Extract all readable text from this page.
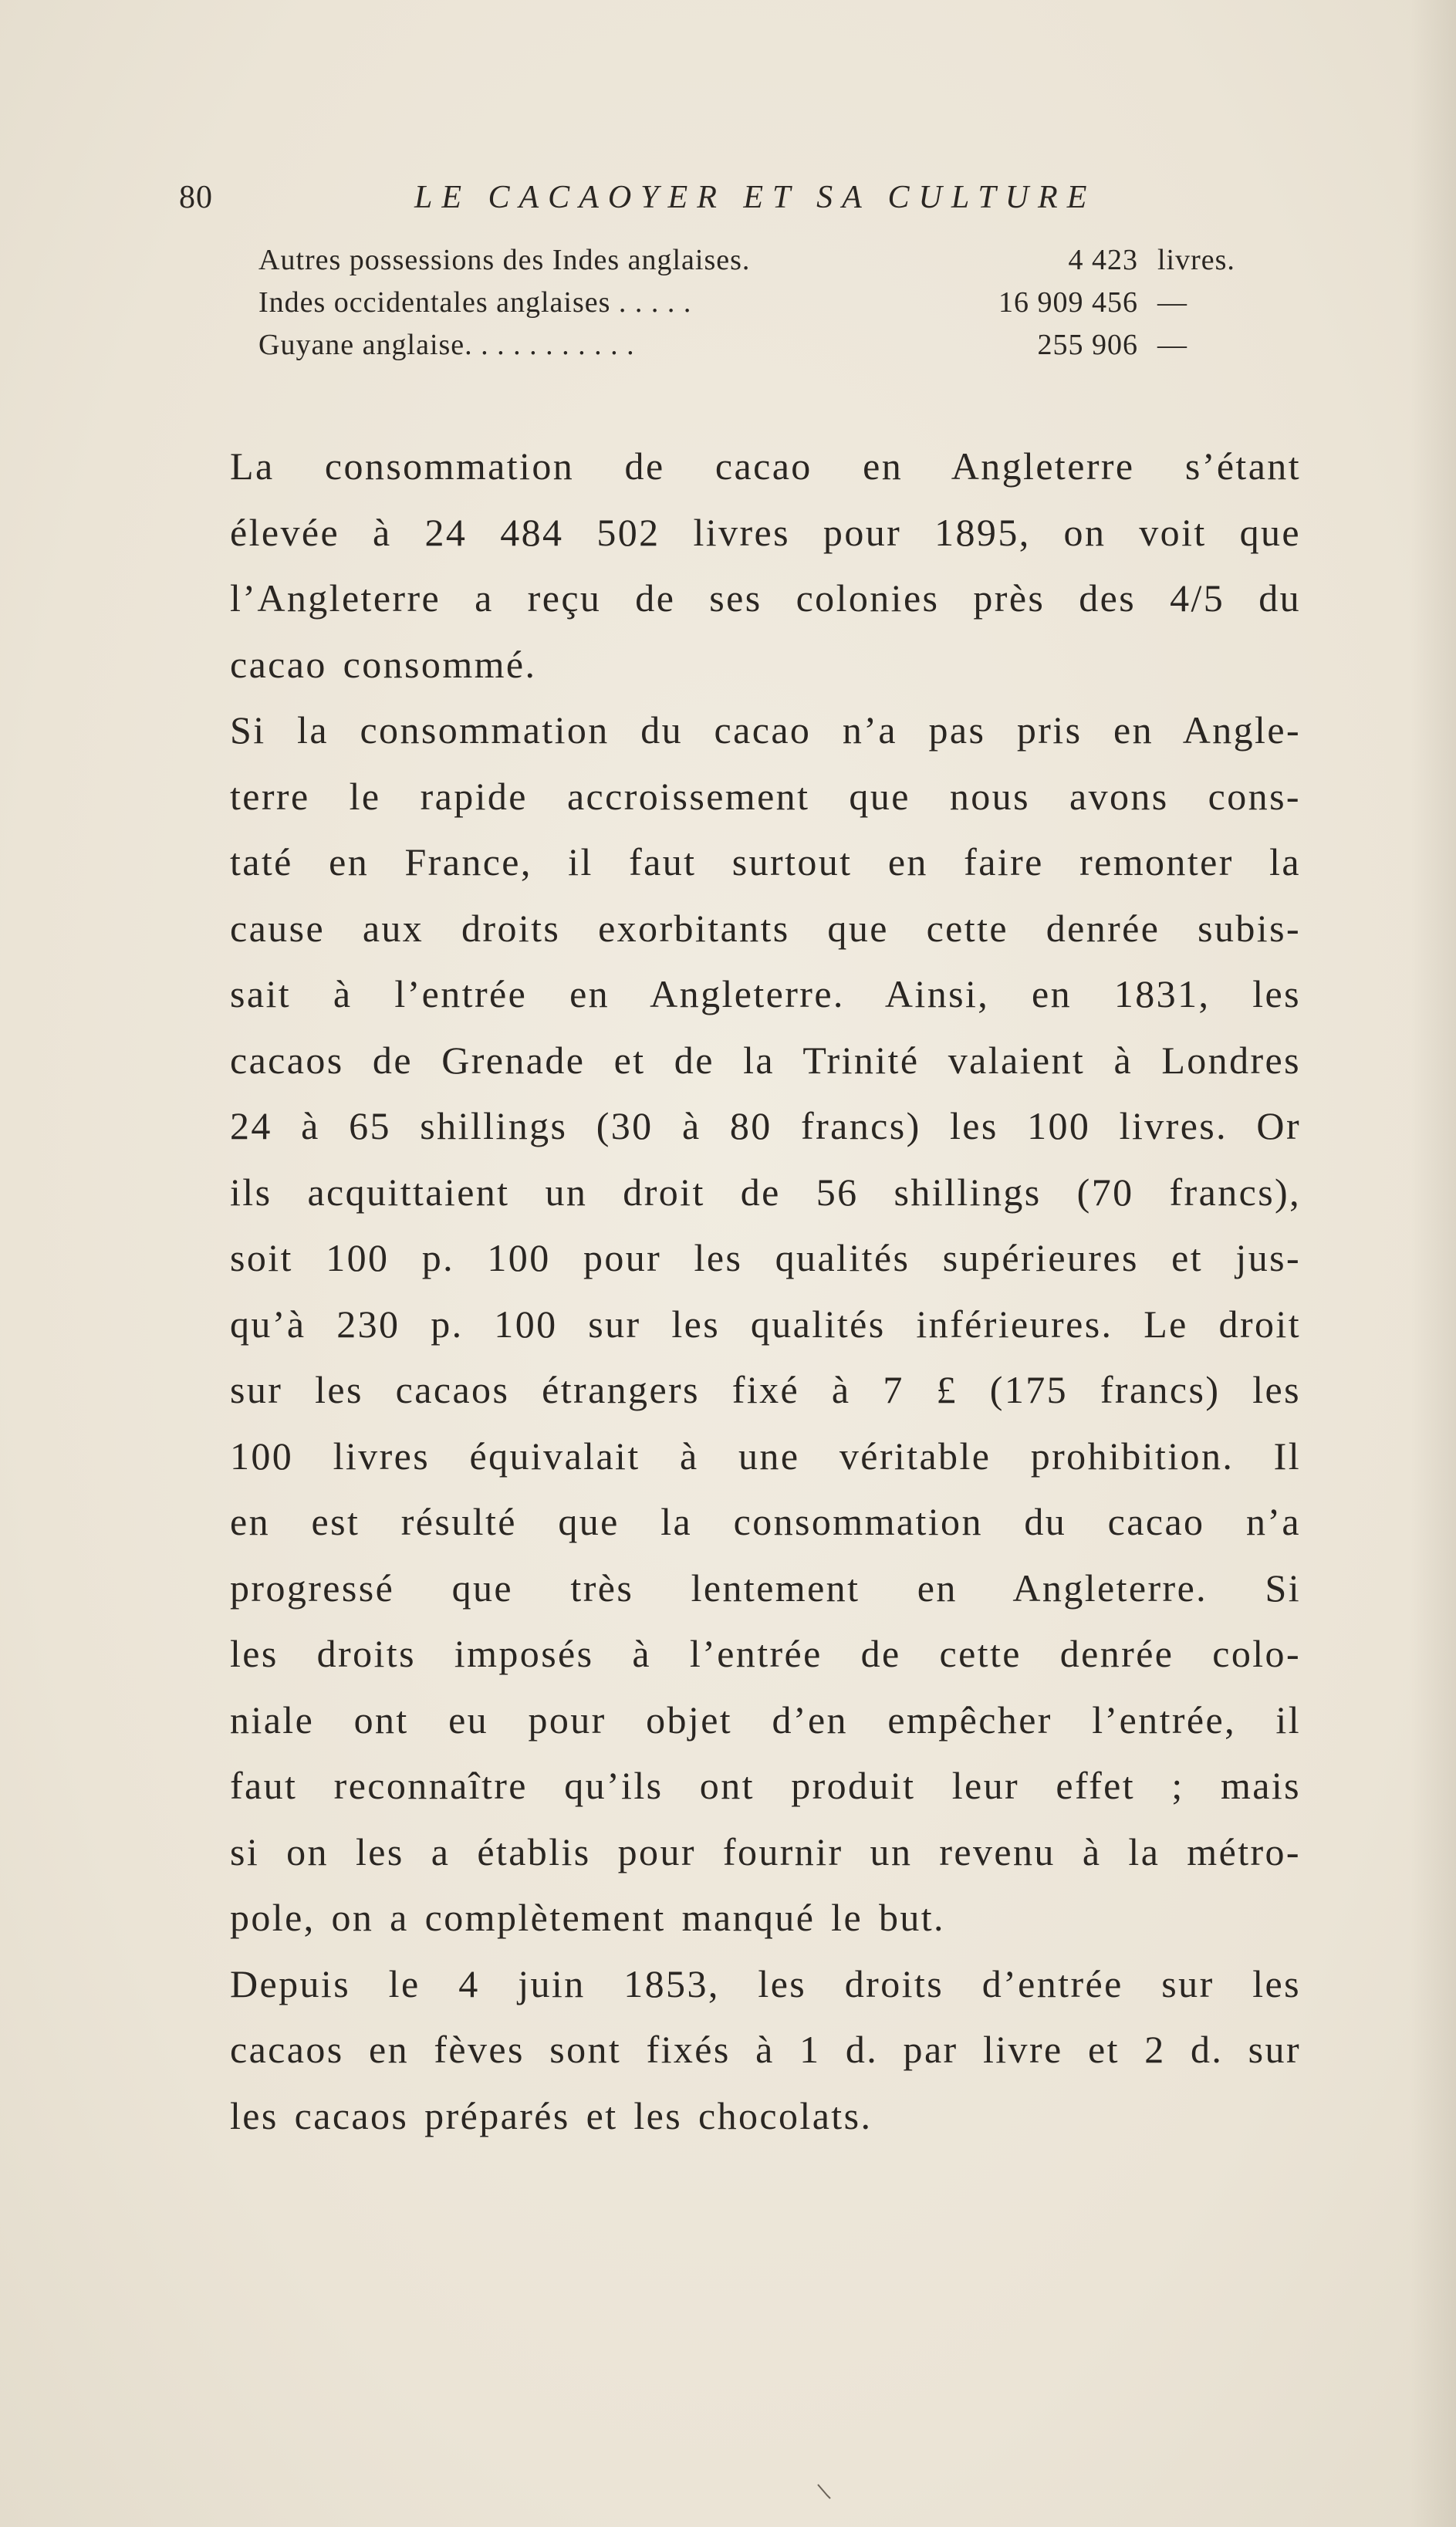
80	LE CACAOYER ET SA CULTURE
Autres possessions des Indes anglaises.	4 423 livres.
Indes occidentales anglaises . . . . .	16 909 456 —
Guyane anglaise. . . . . . . . . . .	255 906 —

La consommation de cacao en Angleterre s’étant
élevée à 24 484 502 livres pour 1895, on voit que
l’Angleterre a reçu de ses colonies près des 4/5 du
cacao consommé.

Si la consommation du cacao n’a pas pris en Angle-
terre le rapide accroissement que nous avons cons-
taté en France, il faut surtout en faire remonter la
cause aux droits exorbitants que cette denrée subis-
sait à l’entrée en Angleterre. Ainsi, en 1831, les
cacaos de Grenade et de la Trinité valaient à Londres
24 à 65 shillings (30 à 80 francs) les 100 livres. Or
ils acquittaient un droit de 56 shillings (70 francs),
soit 100 p. 100 pour les qualités supérieures et jus-
qu’à 230 p. 100 sur les qualités inférieures. Le droit
sur les cacaos étrangers fixé à 7 £ (175 francs) les
100 livres équivalait à une véritable prohibition. Il
en est résulté que la consommation du cacao n’a
progressé que très lentement en Angleterre. Si
les droits imposés à l’entrée de cette denrée colo-
niale ont eu pour objet d’en empêcher l’entrée, il
faut reconnaître qu’ils ont produit leur effet ; mais
si on les a établis pour fournir un revenu à la métro-
pole, on a complètement manqué le but.

Depuis le 4 juin 1853, les droits d’entrée sur les
cacaos en fèves sont fixés à 1 d. par livre et 2 d. sur
les cacaos préparés et les chocolats.
